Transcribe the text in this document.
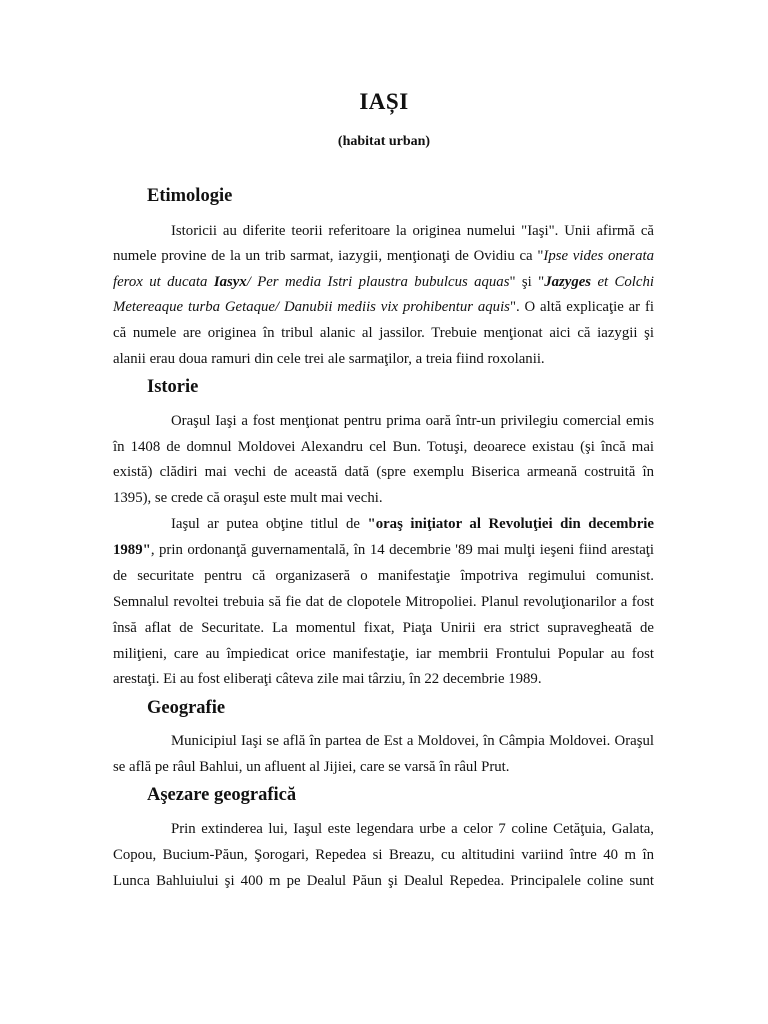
IAȘI
(habitat urban)
Etimologie
Istoricii au diferite teorii referitoare la originea numelui "Iaşi". Unii afirmă că
numele provine de la un trib sarmat, iazygii, menţionaţi de Ovidiu ca "Ipse vides onerata
ferox ut ducata Iasyx/ Per media Istri plaustra bubulcus aquas" şi "Jazyges et Colchi
Metereaque turba Getaque/ Danubii mediis vix prohibentur aquis". O altă explicaţie ar fi
că numele are originea în tribul alanic al jassilor. Trebuie menţionat aici că iazygii şi
alanii erau doua ramuri din cele trei ale sarmaţilor, a treia fiind roxolanii.
Istorie
Oraşul Iaşi a fost menţionat pentru prima oară într-un privilegiu comercial emis
în 1408 de domnul Moldovei Alexandru cel Bun. Totuşi, deoarece existau (şi încă mai
există) clădiri mai vechi de această dată (spre exemplu Biserica armeană costruită în
1395), se crede că oraşul este mult mai vechi.
Iaşul ar putea obţine titlul de "oraş iniţiator al Revoluţiei din decembrie
1989", prin ordonanţă guvernamentală, în 14 decembrie '89 mai mulţi ieşeni fiind arestaţi
de securitate pentru că organizaseră o manifestaţie împotriva regimului comunist.
Semnalul revoltei trebuia să fie dat de clopotele Mitropoliei. Planul revoluţionarilor a fost
însă aflat de Securitate. La momentul fixat, Piaţa Unirii era strict supravegheată de
miliţieni, care au împiedicat orice manifestaţie, iar membrii Frontului Popular au fost
arestaţi. Ei au fost eliberaţi câteva zile mai târziu, în 22 decembrie 1989.
Geografie
Municipiul Iaşi se află în partea de Est a Moldovei, în Câmpia Moldovei. Oraşul
se află pe râul Bahlui, un afluent al Jijiei, care se varsă în râul Prut.
Aşezare geografică
Prin extinderea lui, Iaşul este legendara urbe a celor 7 coline Cetăţuia, Galata,
Copou, Bucium-Păun, Şorogari, Repedea si Breazu, cu altitudini variind între 40 m în
Lunca Bahluiului şi 400 m pe Dealul Păun şi Dealul Repedea. Principalele coline sunt
